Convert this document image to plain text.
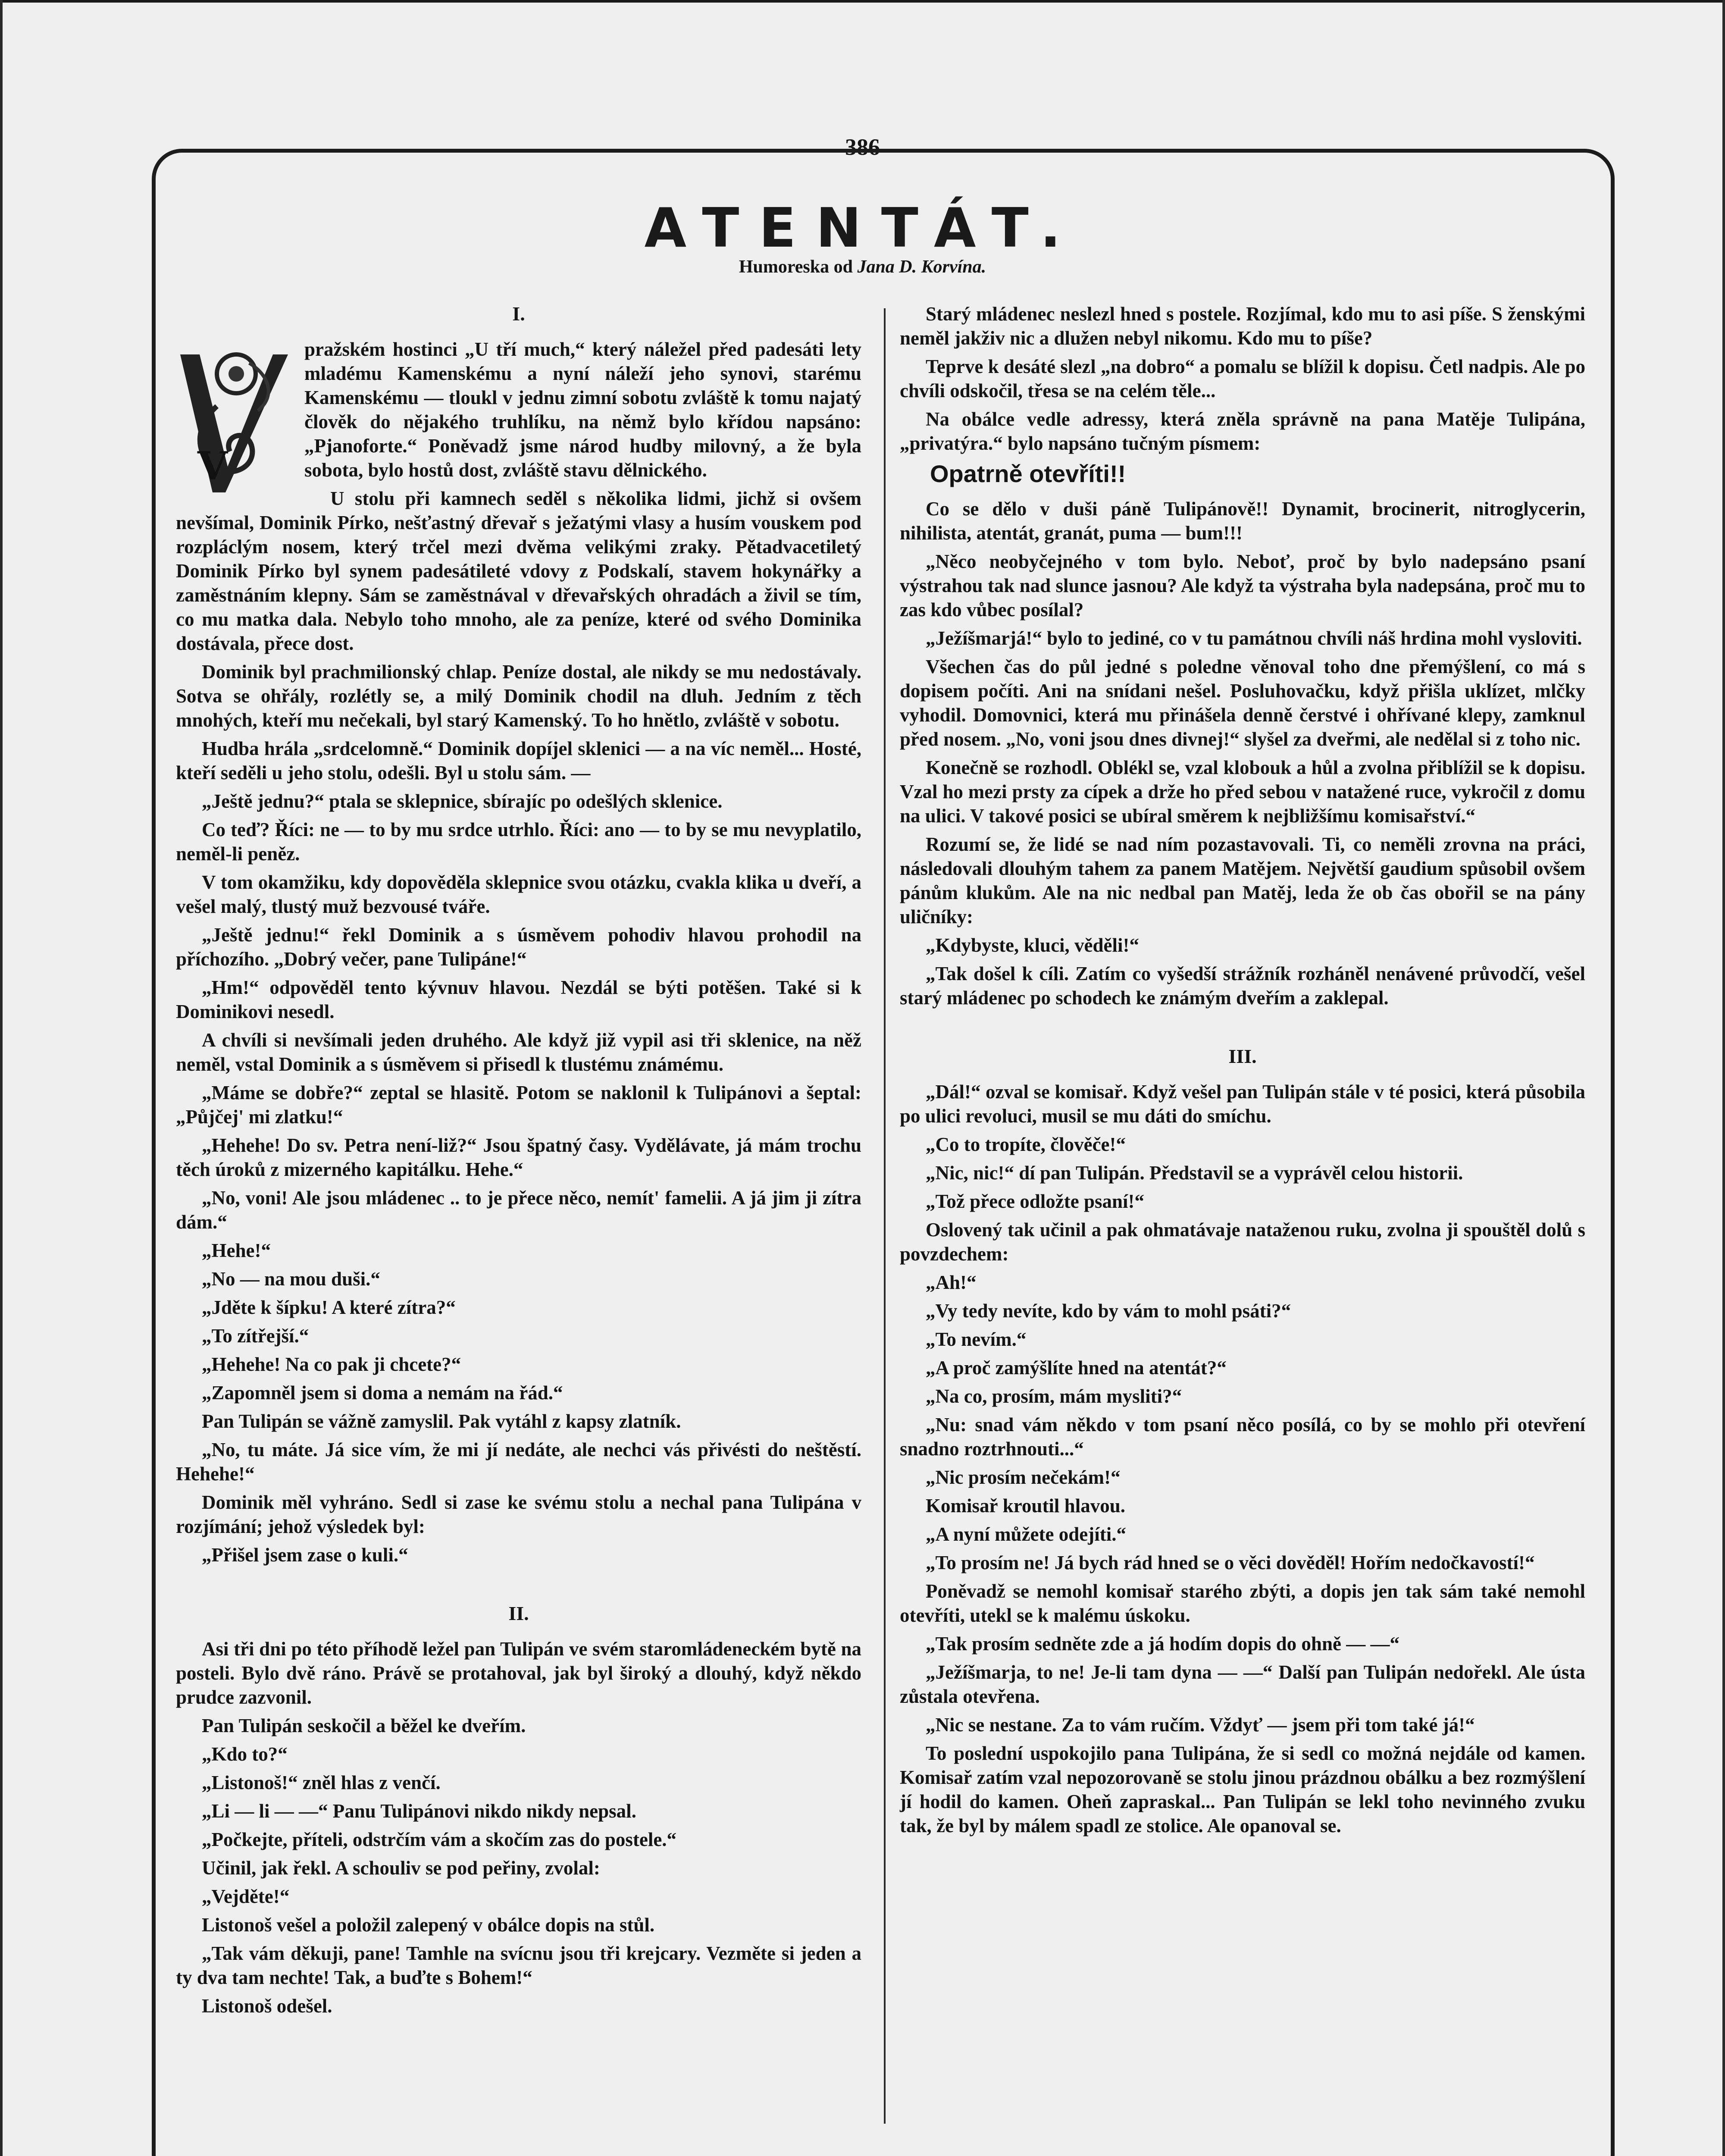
386
ATENTÁT.
Humoreska od Jana D. Korvína.
I.
V

pražském hostinci „U tří much,“ který náležel před padesáti lety mladému Kamenskému a nyní náleží jeho synovi, starému Kamenskému — tloukl v jednu zimní sobotu zvláště k tomu najatý člověk do nějakého truhlíku, na němž bylo křídou napsáno: „Pjanoforte.“ Poněvadž jsme národ hudby milovný, a že byla sobota, bylo hostů dost, zvláště stavu dělnického.

U stolu při kamnech seděl s několika lidmi, jichž si ovšem nevšímal, Dominik Pírko, nešťastný dřevař s ježatými vlasy a husím vouskem pod rozpláclým nosem, který trčel mezi dvěma velikými zraky. Pětadvacetiletý Dominik Pírko byl synem padesátileté vdovy z Podskalí, stavem hokynářky a zaměstnáním klepny. Sám se zaměstnával v dřevařských ohradách a živil se tím, co mu matka dala. Nebylo toho mnoho, ale za peníze, které od svého Dominika dostávala, přece dost.

Dominik byl prachmilionský chlap. Peníze dostal, ale nikdy se mu nedostávaly. Sotva se ohřály, rozlétly se, a milý Dominik chodil na dluh. Jedním z těch mnohých, kteří mu nečekali, byl starý Kamenský. To ho hnětlo, zvláště v sobotu.

Hudba hrála „srdcelomně.“ Dominik dopíjel sklenici — a na víc neměl... Hosté, kteří seděli u jeho stolu, odešli. Byl u stolu sám. —

„Ještě jednu?“ ptala se sklepnice, sbírajíc po odešlých sklenice.

Co teď? Říci: ne — to by mu srdce utrhlo. Říci: ano — to by se mu nevyplatilo, neměl-li peněz.

V tom okamžiku, kdy dopověděla sklepnice svou otázku, cvakla klika u dveří, a vešel malý, tlustý muž bezvousé tváře.

„Ještě jednu!“ řekl Dominik a s úsměvem pohodiv hlavou prohodil na příchozího. „Dobrý večer, pane Tulipáne!“

„Hm!“ odpověděl tento kývnuv hlavou. Nezdál se býti potěšen. Také si k Dominikovi nesedl.

A chvíli si nevšímali jeden druhého. Ale když již vypil asi tři sklenice, na něž neměl, vstal Dominik a s úsměvem si přisedl k tlustému známému.

„Máme se dobře?“ zeptal se hlasitě. Potom se naklonil k Tulipánovi a šeptal: „Půjčej' mi zlatku!“

„Hehehe! Do sv. Petra není-liž?“ Jsou špatný časy. Vydělávate, já mám trochu těch úroků z mizerného kapitálku. Hehe.“

„No, voni! Ale jsou mládenec .. to je přece něco, nemít' famelii. A já jim ji zítra dám.“

„Hehe!“

„No — na mou duši.“

„Jděte k šípku! A které zítra?“

„To zítřejší.“

„Hehehe! Na co pak ji chcete?“

„Zapomněl jsem si doma a nemám na řád.“

Pan Tulipán se vážně zamyslil. Pak vytáhl z kapsy zlatník.

„No, tu máte. Já sice vím, že mi jí nedáte, ale nechci vás přivésti do neštěstí. Hehehe!“

Dominik měl vyhráno. Sedl si zase ke svému stolu a nechal pana Tulipána v rozjímání; jehož výsledek byl:

„Přišel jsem zase o kuli.“

II.

Asi tři dni po této příhodě ležel pan Tulipán ve svém staromládeneckém bytě na posteli. Bylo dvě ráno. Právě se protahoval, jak byl široký a dlouhý, když někdo prudce zazvonil.

Pan Tulipán seskočil a běžel ke dveřím.

„Kdo to?“

„Listonoš!“ zněl hlas z venčí.

„Li — li — —“ Panu Tulipánovi nikdo nikdy nepsal.

„Počkejte, příteli, odstrčím vám a skočím zas do postele.“

Učinil, jak řekl. A schouliv se pod peřiny, zvolal:

„Vejděte!“

Listonoš vešel a položil zalepený v obálce dopis na stůl.

„Tak vám děkuji, pane! Tamhle na svícnu jsou tři krejcary. Vezměte si jeden a ty dva tam nechte! Tak, a buďte s Bohem!“

Listonoš odešel.

Starý mládenec neslezl hned s postele. Rozjímal, kdo mu to asi píše. S ženskými neměl jakživ nic a dlužen nebyl nikomu. Kdo mu to píše?

Teprve k desáté slezl „na dobro“ a pomalu se blížil k dopisu. Četl nadpis. Ale po chvíli odskočil, třesa se na celém těle...

Na obálce vedle adressy, která zněla správně na pana Matěje Tulipána, „privatýra.“ bylo napsáno tučným písmem:

Opatrně otevříti!!

Co se dělo v duši páně Tulipánově!! Dynamit, brocinerit, nitroglycerin, nihilista, atentát, granát, puma — bum!!!

„Něco neobyčejného v tom bylo. Neboť, proč by bylo nadepsáno psaní výstrahou tak nad slunce jasnou? Ale když ta výstraha byla nadepsána, proč mu to zas kdo vůbec posílal?

„Ježíšmarjá!“ bylo to jediné, co v tu památnou chvíli náš hrdina mohl vysloviti.

Všechen čas do půl jedné s poledne věnoval toho dne přemýšlení, co má s dopisem počíti. Ani na snídani nešel. Posluhovačku, když přišla uklízet, mlčky vyhodil. Domovnici, která mu přinášela denně čerstvé i ohřívané klepy, zamknul před nosem. „No, voni jsou dnes divnej!“ slyšel za dveřmi, ale nedělal si z toho nic.

Konečně se rozhodl. Oblékl se, vzal klobouk a hůl a zvolna přiblížil se k dopisu. Vzal ho mezi prsty za cípek a drže ho před sebou v natažené ruce, vykročil z domu na ulici. V takové posici se ubíral směrem k nejbližšímu komisařství.“

Rozumí se, že lidé se nad ním pozastavovali. Ti, co neměli zrovna na práci, následovali dlouhým tahem za panem Matějem. Největší gaudium spůsobil ovšem pánům klukům. Ale na nic nedbal pan Matěj, leda že ob čas obořil se na pány uličníky:

„Kdybyste, kluci, věděli!“

„Tak došel k cíli. Zatím co vyšedší strážník rozháněl nenávené průvodčí, vešel starý mládenec po schodech ke známým dveřím a zaklepal.

III.

„Dál!“ ozval se komisař. Když vešel pan Tulipán stále v té posici, která působila po ulici revoluci, musil se mu dáti do smíchu.

„Co to tropíte, člověče!“

„Nic, nic!“ dí pan Tulipán. Představil se a vyprávěl celou historii.

„Tož přece odložte psaní!“

Oslovený tak učinil a pak ohmatávaje nataženou ruku, zvolna ji spouštěl dolů s povzdechem:

„Ah!“

„Vy tedy nevíte, kdo by vám to mohl psáti?“

„To nevím.“

„A proč zamýšlíte hned na atentát?“

„Na co, prosím, mám mysliti?“

„Nu: snad vám někdo v tom psaní něco posílá, co by se mohlo při otevření snadno roztrhnouti...“

„Nic prosím nečekám!“

Komisař kroutil hlavou.

„A nyní můžete odejíti.“

„To prosím ne! Já bych rád hned se o věci dověděl! Hořím nedočkavostí!“

Poněvadž se nemohl komisař starého zbýti, a dopis jen tak sám také nemohl otevříti, utekl se k malému úskoku.

„Tak prosím sedněte zde a já hodím dopis do ohně — —“

„Ježíšmarja, to ne! Je-li tam dyna — —“ Další pan Tulipán nedořekl. Ale ústa zůstala otevřena.

„Nic se nestane. Za to vám ručím. Vždyť — jsem při tom také já!“

To poslední uspokojilo pana Tulipána, že si sedl co možná nejdále od kamen. Komisař zatím vzal nepozorovaně se stolu jinou prázdnou obálku a bez rozmýšlení jí hodil do kamen. Oheň zapraskal... Pan Tulipán se lekl toho nevinného zvuku tak, že byl by málem spadl ze stolice. Ale opanoval se.
